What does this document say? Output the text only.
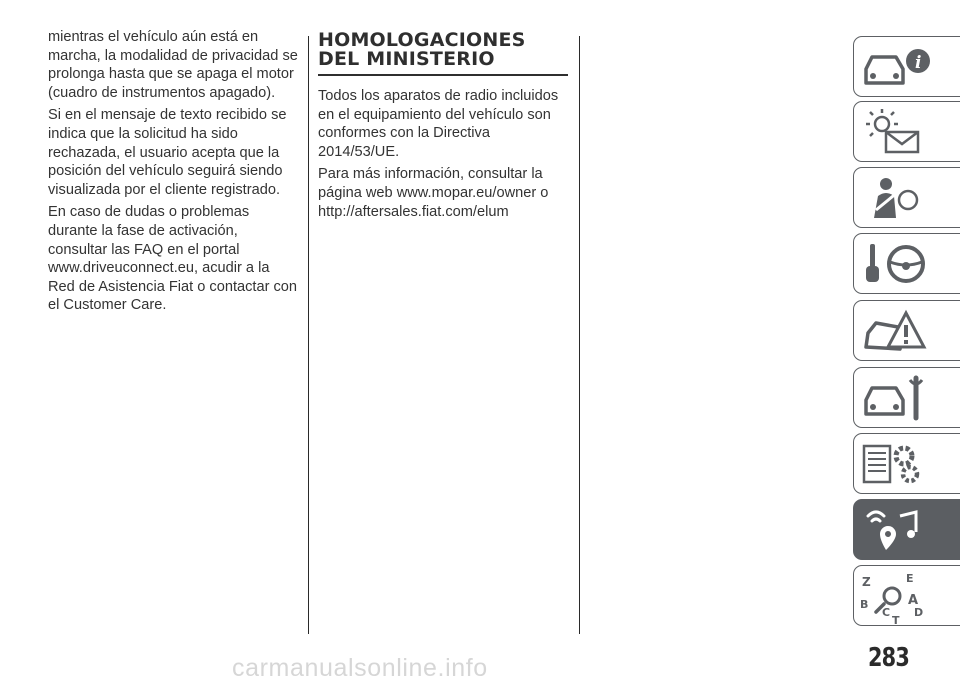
mientras el vehículo aún está en marcha, la modalidad de privacidad se prolonga hasta que se apaga el motor (cuadro de instrumentos apagado).

Si en el mensaje de texto recibido se indica que la solicitud ha sido rechazada, el usuario acepta que la posición del vehículo seguirá siendo visualizada por el cliente registrado.

En caso de dudas o problemas durante la fase de activación, consultar las FAQ en el portal www.driveuconnect.eu, acudir a la Red de Asistencia Fiat o contactar con el Customer Care.

HOMOLOGACIONES
DEL MINISTERIO

Todos los aparatos de radio incluidos en el equipamiento del vehículo son conformes con la Directiva 2014/53/UE.

Para más información, consultar la página web www.mopar.eu/owner o http://aftersales.fiat.com/elum

i
Z	E
B	A
C D
T
283
carmanualsonline.info
